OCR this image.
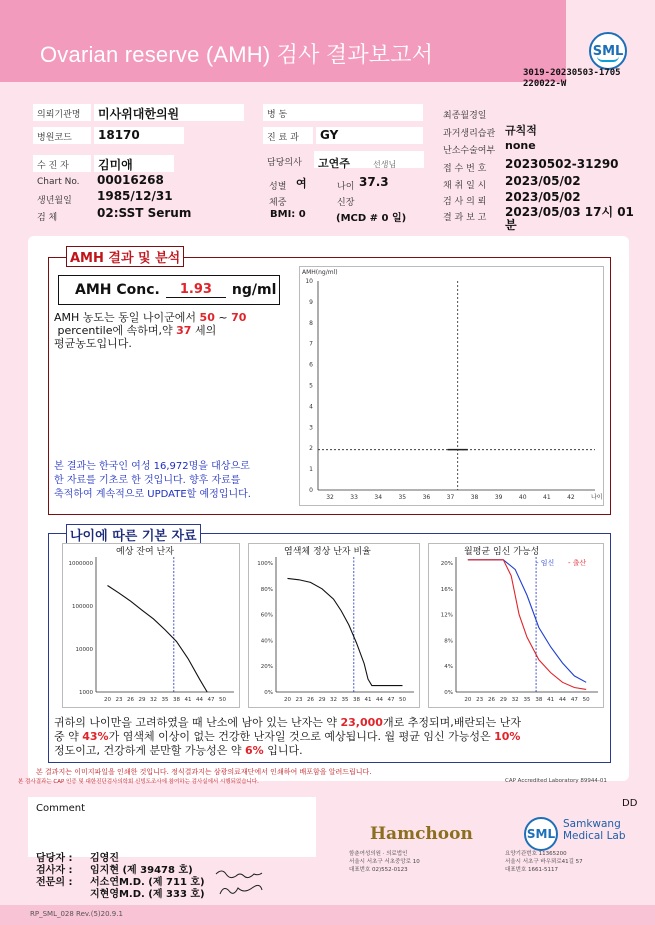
Ovarian reserve (AMH) 검사 결과보고서	SML
3019-20230503-1705
220022-W
의뢰기관명	미사위대한의원
병원코드	18170
수 진 자	김미애
Chart No. 00016268
생년월일 1985/12/31
검 체	02:SST Serum
병 동
진 료 과	GY
담당의사	고연주	선생님
성별 여	나이 37.3
체중	신장
BMI: 0	(MCD # 0 일)
최종월경일
과거생리습관 규칙적
난소수술여부 none
접 수 번 호 20230502-31290
채 취 일 시 2023/05/02
검 사 의 뢰 2023/05/02
결 과 보 고 2023/05/03 17시 01
분
AMH 결과 및 분석
AMH Conc.	1.93	ng/ml
AMH 농도는 동일 나이군에서 50 ~ 70
percentile에 속하며,약 37 세의
평균농도입니다.
본 결과는 한국인 여성 16,972명을 대상으로
한 자료를 기초로 한 것입니다. 향후 자료를
축적하여 계속적으로 UPDATE할 예정입니다.
AMH(ng/ml)
0
1
2
3
4
5
6
7
8
9
10
32	33	34	35	36	37	38	39	40	41	42	나이
나이에 따른 기본 자료
예상 잔여 난자
1000000
100000
10000
1000
20 23 26 29 32 35 38 41 44 47 50
염색체 정상 난자 비율
100%
80%
60%
40%
20%
0%
20 23 26 29 32 35 38 41 44 47 50
월평균 임신 가능성
20%
16%
12%
8%
4%
0%
20 23 26 29 32 35 38 41 44 47 50
- 임신 - 출산
귀하의 나이만을 고려하였을 때 난소에 남아 있는 난자는 약 23,000개로 추정되며,배란되는 난자
중 약 43%가 염색체 이상이 없는 건강한 난자일 것으로 예상됩니다. 월 평균 임신 가능성은 10%
정도이고, 건강하게 분만할 가능성은 약 6% 입니다.
본 결과지는 이미지파일을 인쇄한 것입니다. 정식결과지는 삼광의료재단에서 인쇄하여 배포함을 알려드립니다.
본 검사결과는 CAP 인증 및 대한진단검사의학회 신빙도조사에 참여하는 검사실에서 시행되었습니다.	CAP Accredited Laboratory 89944-01
Comment	DD
담당자 :
검사자 :
전문의 :
김영진
임지현 (제 39478 호)
서소연M.D. (제 711 호)
지현영M.D. (제 333 호)
Hamchoon
함춘여성의원 · 의료법인
서울시 서초구 서초중앙로 10
대표번호 02)552-0123
SML
Samkwang
Medical Lab
요양기관번호 11365200
서울시 서초구 바우뫼로41길 57
대표번호 1661-5117
RP_SML_028 Rev.(5)20.9.1
